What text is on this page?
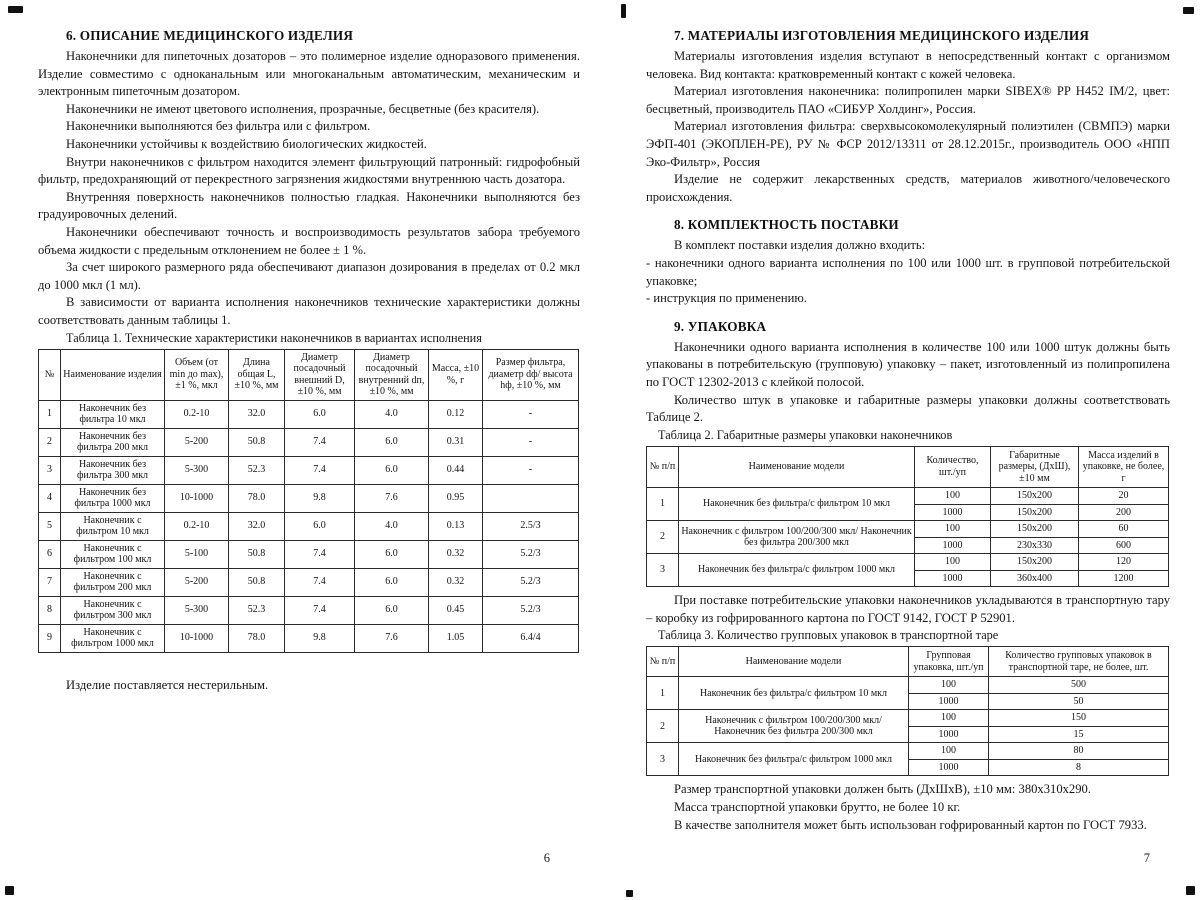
6. ОПИСАНИЕ МЕДИЦИНСКОГО ИЗДЕЛИЯ

Наконечники для пипеточных дозаторов – это полимерное изделие одноразового применения. Изделие совместимо с одноканальным или многоканальным автоматическим, механическим и электронным пипеточным дозатором.

Наконечники не имеют цветового исполнения, прозрачные, бесцветные (без красителя).

Наконечники выполняются без фильтра или с фильтром.

Наконечники устойчивы к воздействию биологических жидкостей.

Внутри наконечников с фильтром находится элемент фильтрующий патронный: гидрофобный фильтр, предохраняющий от перекрестного загрязнения жидкостями внутреннюю часть дозатора.

Внутренняя поверхность наконечников полностью гладкая. Наконечники выполняются без градуировочных делений.

Наконечники обеспечивают точность и воспроизводимость результатов забора требуемого объема жидкости с предельным отклонением не более ± 1 %.

За счет широкого размерного ряда обеспечивают диапазон дозирования в пределах от 0.2 мкл до 1000 мкл (1 мл).

В зависимости от варианта исполнения наконечников технические характеристики должны соответствовать данным таблицы 1.

Таблица 1. Технические характеристики наконечников в вариантах исполнения
№	Наименование изделия	Объем (от min до max), ±1 %, мкл	Длина общая L, ±10 %, мм	Диаметр посадочный внешний D, ±10 %, мм	Диаметр посадочный внутренний dп, ±10 %, мм	Масса, ±10 %, г	Размер фильтра, диаметр dф/ высота hф, ±10 %, мм
1	Наконечник без фильтра 10 мкл	0.2-10	32.0	6.0	4.0	0.12	-
2	Наконечник без фильтра 200 мкл	5-200	50.8	7.4	6.0	0.31	-
3	Наконечник без фильтра 300 мкл	5-300	52.3	7.4	6.0	0.44	-
4	Наконечник без фильтра 1000 мкл	10-1000	78.0	9.8	7.6	0.95	
5	Наконечник с фильтром 10 мкл	0.2-10	32.0	6.0	4.0	0.13	2.5/3
6	Наконечник с фильтром 100 мкл	5-100	50.8	7.4	6.0	0.32	5.2/3
7	Наконечник с фильтром 200 мкл	5-200	50.8	7.4	6.0	0.32	5.2/3
8	Наконечник с фильтром 300 мкл	5-300	52.3	7.4	6.0	0.45	5.2/3
9	Наконечник с фильтром 1000 мкл	10-1000	78.0	9.8	7.6	1.05	6.4/4

Изделие поставляется нестерильным.

6
7. МАТЕРИАЛЫ ИЗГОТОВЛЕНИЯ МЕДИЦИНСКОГО ИЗДЕЛИЯ

Материалы изготовления изделия вступают в непосредственный контакт с организмом человека. Вид контакта: кратковременный контакт с кожей человека.

Материал изготовления наконечника: полипропилен марки SIBEX® PP H452 IM/2, цвет: бесцветный, производитель ПАО «СИБУР Холдинг», Россия.

Материал изготовления фильтра: сверхвысокомолекулярный полиэтилен (СВМПЭ) марки ЭФП-401 (ЭКОПЛЕН-РЕ), РУ № ФСР 2012/13311 от 28.12.2015г., производитель ООО «НПП Эко-Фильтр», Россия

Изделие не содержит лекарственных средств, материалов животного/человеческого происхождения.

8. КОМПЛЕКТНОСТЬ ПОСТАВКИ

В комплект поставки изделия должно входить:

- наконечники одного варианта исполнения по 100 или 1000 шт. в групповой потребительской упаковке;

- инструкция по применению.

9. УПАКОВКА

Наконечники одного варианта исполнения в количестве 100 или 1000 штук должны быть упакованы в потребительскую (групповую) упаковку – пакет, изготовленный из полипропилена по ГОСТ 12302-2013 с клейкой полосой.

Количество штук в упаковке и габаритные размеры упаковки должны соответствовать Таблице 2.

Таблица 2. Габаритные размеры упаковки наконечников
№ п/п	Наименование модели	Количество, шт./уп	Габаритные размеры, (ДхШ), ±10 мм	Масса изделий в упаковке, не более, г
1	Наконечник без фильтра/с фильтром 10 мкл	100	150х200	20
		1000	150х200	200
2	Наконечник с фильтром 100/200/300 мкл/ Наконечник без фильтра 200/300 мкл	100	150х200	60
		1000	230х330	600
3	Наконечник без фильтра/с фильтром 1000 мкл	100	150х200	120
		1000	360х400	1200

При поставке потребительские упаковки наконечников укладываются в транспортную тару – коробку из гофрированного картона по ГОСТ 9142, ГОСТ Р 52901.

Таблица 3. Количество групповых упаковок в транспортной таре
№ п/п	Наименование модели	Групповая упаковка, шт./уп	Количество групповых упаковок в транспортной таре, не более, шт.
1	Наконечник без фильтра/с фильтром 10 мкл	100	500
		1000	50
2	Наконечник с фильтром 100/200/300 мкл/ Наконечник без фильтра 200/300 мкл	100	150
		1000	15
3	Наконечник без фильтра/с фильтром 1000 мкл	100	80
		1000	8

Размер транспортной упаковки должен быть (ДхШхВ), ±10 мм: 380х310х290.

Масса транспортной упаковки брутто, не более 10 кг.

В качестве заполнителя может быть использован гофрированный картон по ГОСТ 7933.

7
